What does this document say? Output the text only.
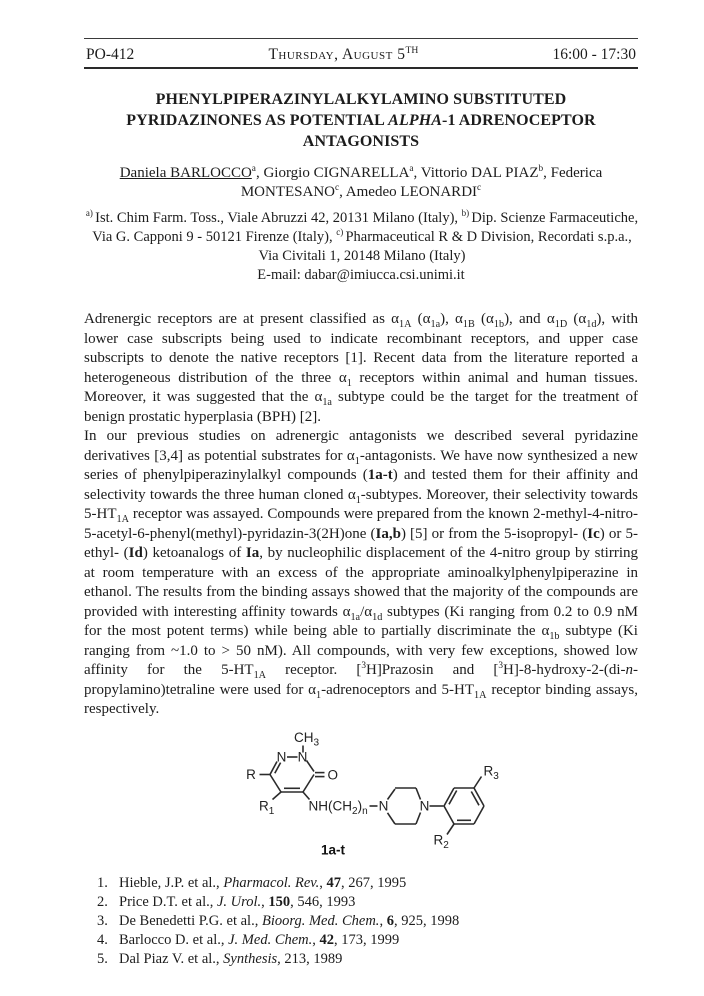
PO-412	Thursday, August 5TH	16:00 - 17:30
PHENYLPIPERAZINYLALKYLAMINO SUBSTITUTED PYRIDAZINONES AS POTENTIAL ALPHA-1 ADRENOCEPTOR ANTAGONISTS
Daniela BARLOCCO$^a$, Giorgio CIGNARELLA$^a$, Vittorio DAL PIAZ$^b$, Federica MONTESANO$^c$, Amedeo LEONARDI$^c$
$^{a)}$ Ist. Chim Farm. Toss., Viale Abruzzi 42, 20131 Milano (Italy), $^{b)}$ Dip. Scienze Farmaceutiche, Via G. Capponi 9 - 50121 Firenze (Italy), $^{c)}$ Pharmaceutical R & D Division, Recordati s.p.a., Via Civitali 1, 20148 Milano (Italy)
E-mail: dabar@imiucca.csi.unimi.it

Adrenergic receptors are at present classified as $\alpha_{1A}$ $(\alpha_{1a})$, $\alpha_{1B}$ $(\alpha_{1b})$, and $\alpha_{1D}$ $(\alpha_{1d})$, with lower case subscripts being used to indicate recombinant receptors, and upper case subscripts to denote the native receptors [1]. Recent data from the literature reported a heterogeneous distribution of the three $\alpha_1$ receptors within animal and human tissues. Moreover, it was suggested that the $\alpha_{1a}$ subtype could be the target for the treatment of benign prostatic hyperplasia (BPH) [2].

In our previous studies on adrenergic antagonists we described several pyridazine derivatives [3,4] as potential substrates for $\alpha_1$-antagonists. We have now synthesized a new series of phenylpiperazinylalkyl compounds (1a-t) and tested them for their affinity and selectivity towards the three human cloned $\alpha_1$-subtypes. Moreover, their selectivity towards $5-HT_{1A}$ receptor was assayed. Compounds were prepared from the known 2-methyl-4-nitro-5-acetyl-6-phenyl(methyl)-pyridazin-3(2H)one (Ia,b) [5] or from the 5-isopropyl- (Ic) or 5-ethyl- (Id) ketoanalogs of Ia, by nucleophilic displacement of the 4-nitro group by stirring at room temperature with an excess of the appropriate aminoalkylphenylpiperazine in ethanol. The results from the binding assays showed that the majority of the compounds are provided with interesting affinity towards $\alpha_{1a}/\alpha_{1d}$ subtypes (Ki ranging from 0.2 to 0.9 nM for the most potent terms) while being able to partially discriminate the $\alpha_{1b}$ subtype (Ki ranging from ~1.0 to > 50 nM). All compounds, with very few exceptions, showed low affinity for the $5-HT_{1A}$ receptor. [$^3$H]Prazosin and [$^3$H]-8-hydroxy-2-(di-n-propylamino)tetraline were used for $\alpha_1$-adrenoceptors and $5-HT_{1A}$ receptor binding assays, respectively.

$CH_3$
N N
R
$R_1$
O
$NH(CH_2)_n$ N N
$R_3$
$R_2$
1a-t
1. Hieble, J.P. et al., Pharmacol. Rev., 47, 267, 1995
2. Price D.T. et al., J. Urol., 150, 546, 1993
3. De Benedetti P.G. et al., Bioorg. Med. Chem., 6, 925, 1998
4. Barlocco D. et al., J. Med. Chem., 42, 173, 1999
5. Dal Piaz V. et al., Synthesis, 213, 1989
